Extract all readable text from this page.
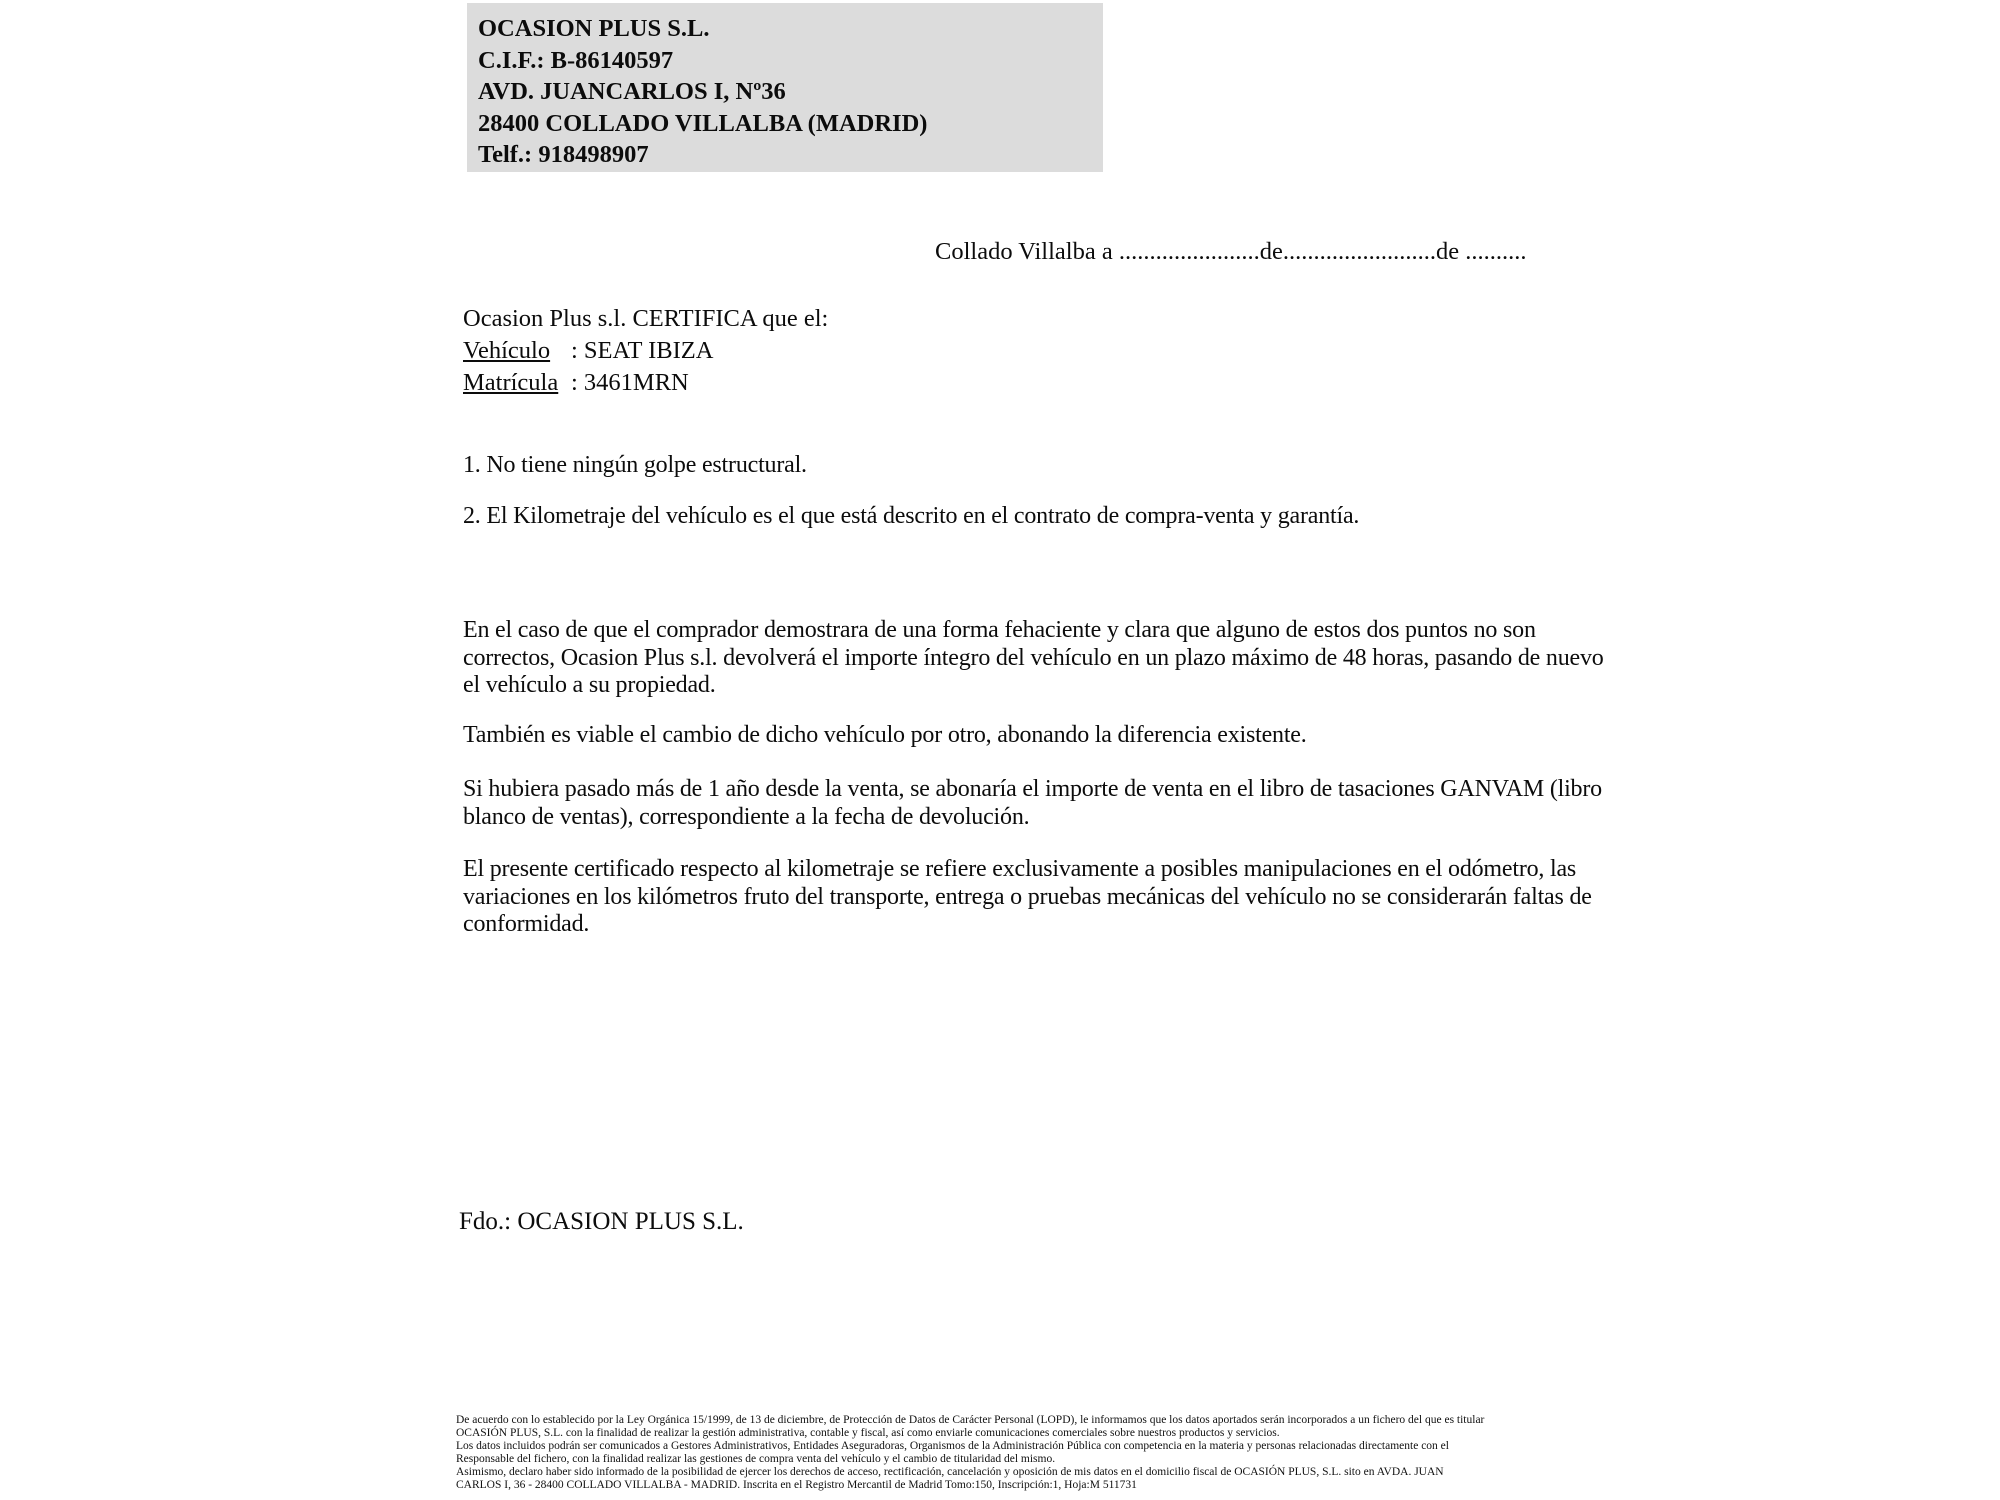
OCASION PLUS S.L.
C.I.F.: B-86140597
AVD. JUANCARLOS I, Nº36
28400 COLLADO VILLALBA (MADRID)
Telf.: 918498907
Collado Villalba a .......................de.........................de ..........
Ocasion Plus s.l. CERTIFICA que el:
Vehículo : SEAT IBIZA
Matrícula : 3461MRN
1. No tiene ningún golpe estructural.
2. El Kilometraje del vehículo es el que está descrito en el contrato de compra-venta y garantía.
En el caso de que el comprador demostrara de una forma fehaciente y clara que alguno de estos dos puntos no son correctos, Ocasion Plus s.l. devolverá el importe íntegro del vehículo en un plazo máximo de 48 horas, pasando de nuevo el vehículo a su propiedad.
También es viable el cambio de dicho vehículo por otro, abonando la diferencia existente.
Si hubiera pasado más de 1 año desde la venta, se abonaría el importe de venta en el libro de tasaciones GANVAM (libro blanco de ventas), correspondiente a la fecha de devolución.
El presente certificado respecto al kilometraje se refiere exclusivamente a posibles manipulaciones en el odómetro, las variaciones en los kilómetros fruto del transporte, entrega o pruebas mecánicas del vehículo no se considerarán faltas de conformidad.
Fdo.: OCASION PLUS S.L.
De acuerdo con lo establecido por la Ley Orgánica 15/1999, de 13 de diciembre, de Protección de Datos de Carácter Personal (LOPD), le informamos que los datos aportados serán incorporados a un fichero del que es titular
OCASIÓN PLUS, S.L. con la finalidad de realizar la gestión administrativa, contable y fiscal, así como enviarle comunicaciones comerciales sobre nuestros productos y servicios.
Los datos incluidos podrán ser comunicados a Gestores Administrativos, Entidades Aseguradoras, Organismos de la Administración Pública con competencia en la materia y personas relacionadas directamente con el
Responsable del fichero, con la finalidad realizar las gestiones de compra venta del vehículo y el cambio de titularidad del mismo.
Asimismo, declaro haber sido informado de la posibilidad de ejercer los derechos de acceso, rectificación, cancelación y oposición de mis datos en el domicilio fiscal de OCASIÓN PLUS, S.L. sito en AVDA. JUAN
CARLOS I, 36 - 28400 COLLADO VILLALBA - MADRID. Inscrita en el Registro Mercantil de Madrid Tomo:150, Inscripción:1, Hoja:M 511731
